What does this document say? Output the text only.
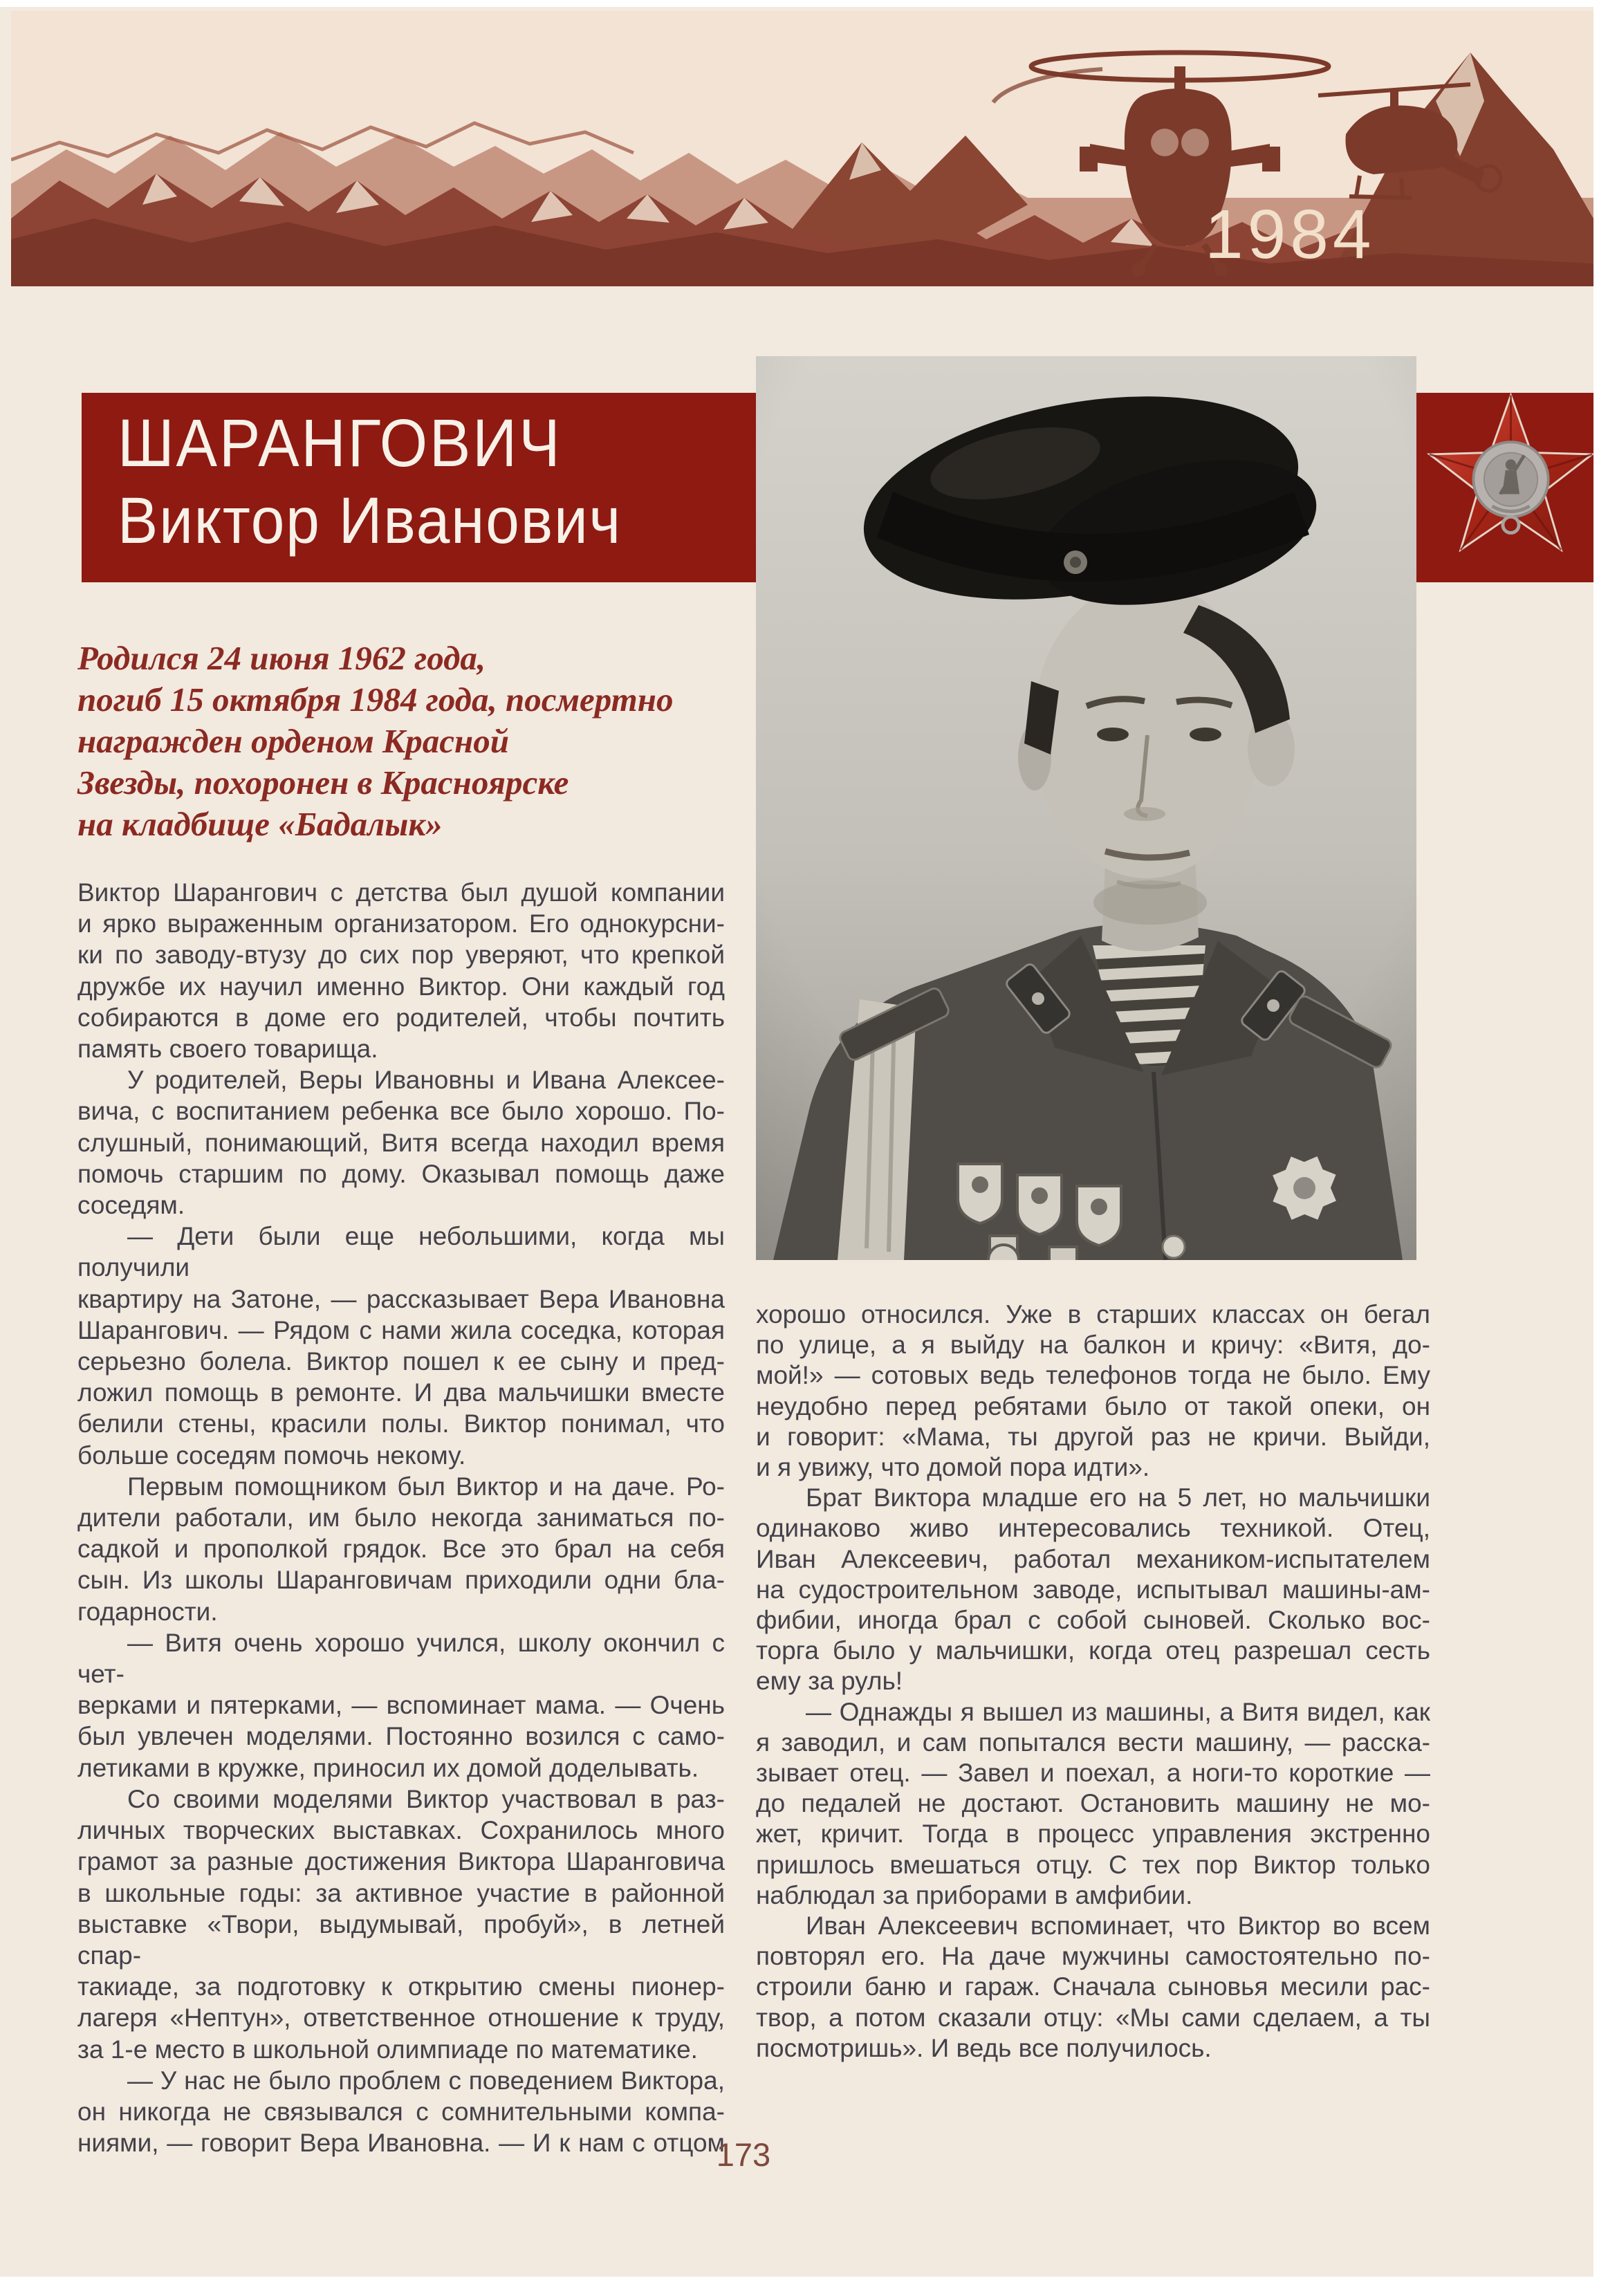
1984
ШАРАНГОВИЧ
Виктор Иванович
Родился 24 июня 1962 года,
погиб 15 октября 1984 года, посмертно
награжден орденом Красной
Звезды, похоронен в Красноярске
на кладбище «Бадалык»
Виктор Шарангович с детства был душой компании
и ярко выраженным организатором. Его однокурсни-
ки по заводу-втузу до сих пор уверяют, что крепкой
дружбе их научил именно Виктор. Они каждый год
собираются в доме его родителей, чтобы почтить
память своего товарища.
У родителей, Веры Ивановны и Ивана Алексее-
вича, с воспитанием ребенка все было хорошо. По-
слушный, понимающий, Витя всегда находил время
помочь старшим по дому. Оказывал помощь даже
соседям.
— Дети были еще небольшими, когда мы получили
квартиру на Затоне, — рассказывает Вера Ивановна
Шарангович. — Рядом с нами жила соседка, которая
серьезно болела. Виктор пошел к ее сыну и пред-
ложил помощь в ремонте. И два мальчишки вместе
белили стены, красили полы. Виктор понимал, что
больше соседям помочь некому.
Первым помощником был Виктор и на даче. Ро-
дители работали, им было некогда заниматься по-
садкой и прополкой грядок. Все это брал на себя
сын. Из школы Шаранговичам приходили одни бла-
годарности.
— Витя очень хорошо учился, школу окончил с чет-
верками и пятерками, — вспоминает мама. — Очень
был увлечен моделями. Постоянно возился с само-
летиками в кружке, приносил их домой доделывать.
Со своими моделями Виктор участвовал в раз-
личных творческих выставках. Сохранилось много
грамот за разные достижения Виктора Шаранговича
в школьные годы: за активное участие в районной
выставке «Твори, выдумывай, пробуй», в летней спар-
такиаде, за подготовку к открытию смены пионер-
лагеря «Нептун», ответственное отношение к труду,
за 1-е место в школьной олимпиаде по математике.
— У нас не было проблем с поведением Виктора,
он никогда не связывался с сомнительными компа-
ниями, — говорит Вера Ивановна. — И к нам с отцом
хорошо относился. Уже в старших классах он бегал
по улице, а я выйду на балкон и кричу: «Витя, до-
мой!» — сотовых ведь телефонов тогда не было. Ему
неудобно перед ребятами было от такой опеки, он
и говорит: «Мама, ты другой раз не кричи. Выйди,
и я увижу, что домой пора идти».
Брат Виктора младше его на 5 лет, но мальчишки
одинаково живо интересовались техникой. Отец,
Иван Алексеевич, работал механиком-испытателем
на судостроительном заводе, испытывал машины-ам-
фибии, иногда брал с собой сыновей. Сколько вос-
торга было у мальчишки, когда отец разрешал сесть
ему за руль!
— Однажды я вышел из машины, а Витя видел, как
я заводил, и сам попытался вести машину, — расска-
зывает отец. — Завел и поехал, а ноги-то короткие —
до педалей не достают. Остановить машину не мо-
жет, кричит. Тогда в процесс управления экстренно
пришлось вмешаться отцу. С тех пор Виктор только
наблюдал за приборами в амфибии.
Иван Алексеевич вспоминает, что Виктор во всем
повторял его. На даче мужчины самостоятельно по-
строили баню и гараж. Сначала сыновья месили рас-
твор, а потом сказали отцу: «Мы сами сделаем, а ты
посмотришь». И ведь все получилось.
173
